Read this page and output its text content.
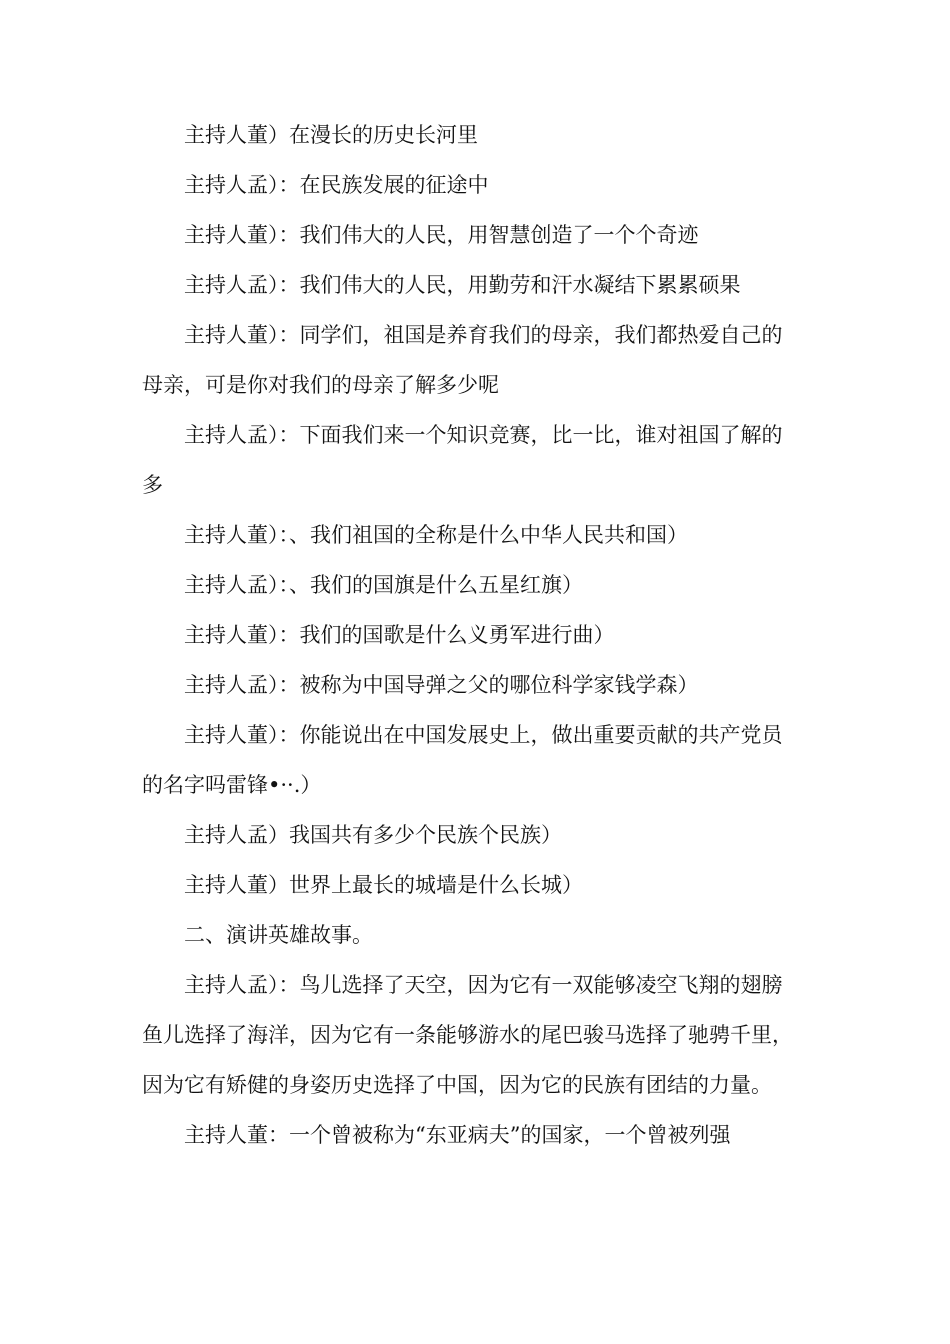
主持人董）在漫长的历史长河里

主持人孟）：在民族发展的征途中

主持人董）：我们伟大的人民，用智慧创造了一个个奇迹

主持人孟）：我们伟大的人民，用勤劳和汗水凝结下累累硕果

主持人董）：同学们，祖国是养育我们的母亲，我们都热爱自己的母亲，可是你对我们的母亲了解多少呢

主持人孟）：下面我们来一个知识竞赛，比一比，谁对祖国了解的多

主持人董）：、我们祖国的全称是什么中华人民共和国）

主持人孟）：、我们的国旗是什么五星红旗）

主持人董）：我们的国歌是什么义勇军进行曲）

主持人孟）：被称为中国导弹之父的哪位科学家钱学森）

主持人董）：你能说出在中国发展史上，做出重要贡献的共产党员的名字吗雷锋•··.）

主持人孟）我国共有多少个民族个民族）

主持人董）世界上最长的城墙是什么长城）

二、演讲英雄故事。

主持人孟）：鸟儿选择了天空，因为它有一双能够凌空飞翔的翅膀鱼儿选择了海洋，因为它有一条能够游水的尾巴骏马选择了驰骋千里，因为它有矫健的身姿历史选择了中国，因为它的民族有团结的力量。

主持人董：一个曾被称为“东亚病夫”的国家，一个曾被列强
